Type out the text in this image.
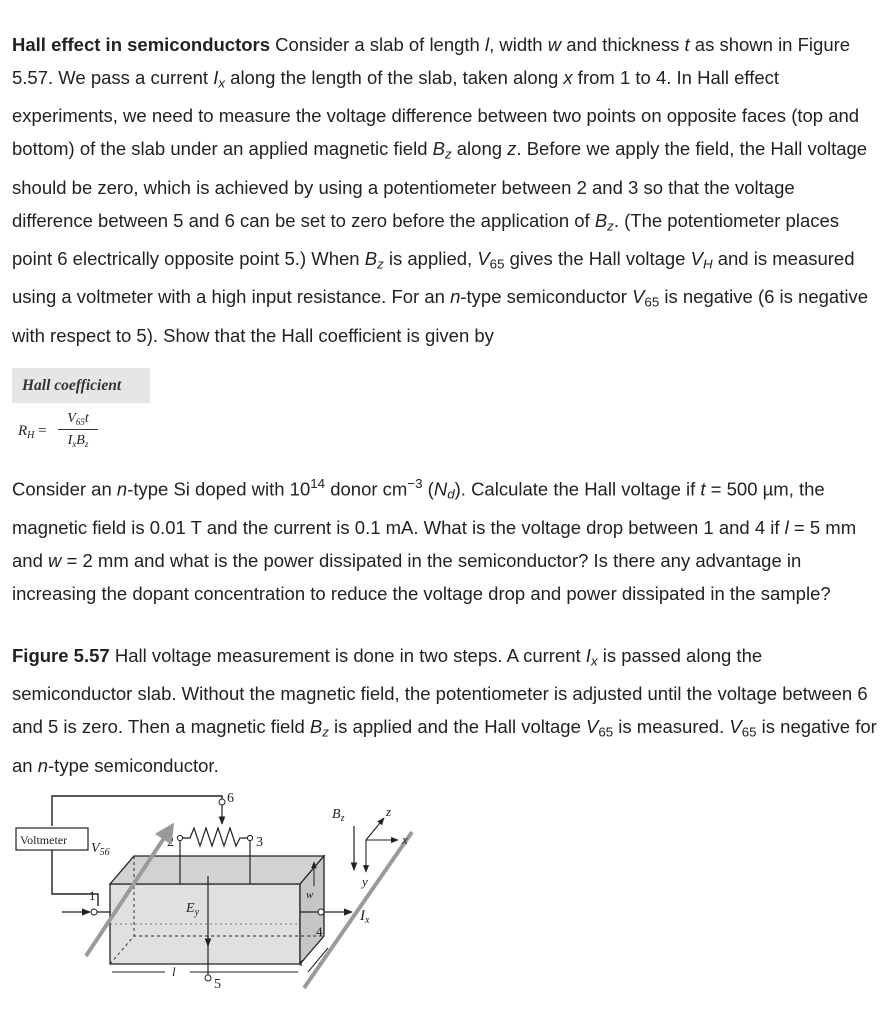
Hall effect in semiconductors Consider a slab of length l, width w and thickness t as shown in Figure 5.57. We pass a current $I_x$ along the length of the slab, taken along x from 1 to 4. In Hall effect experiments, we need to measure the voltage difference between two points on opposite faces (top and bottom) of the slab under an applied magnetic field $B_z$ along z. Before we apply the field, the Hall voltage should be zero, which is achieved by using a potentiometer between 2 and 3 so that the voltage difference between 5 and 6 can be set to zero before the application of $B_z$. (The potentiometer places point 6 electrically opposite point 5.) When $B_z$ is applied, $V_{65}$ gives the Hall voltage $V_H$ and is measured using a voltmeter with a high input resistance. For an n-type semiconductor $V_{65}$ is negative (6 is negative with respect to 5). Show that the Hall coefficient is given by

Hall coefficient
$R_H$ =
$V_{65}t$
$I_xB_z$

Consider an n-type Si doped with $10^{14}$ donor $cm^{-3}$ $(N_d)$. Calculate the Hall voltage if t = 500 µm, the magnetic field is 0.01 T and the current is 0.1 mA. What is the voltage drop between 1 and 4 if l = 5 mm and w = 2 mm and what is the power dissipated in the semiconductor? Is there any advantage in increasing the dopant concentration to reduce the voltage drop and power dissipated in the sample?

Figure 5.57 Hall voltage measurement is done in two steps. A current $I_x$ is passed along the semiconductor slab. Without the magnetic field, the potentiometer is adjusted until the voltage between 6 and 5 is zero. Then a magnetic field $B_z$ is applied and the Hall voltage $V_{65}$ is measured. $V_{65}$ is negative for an n-type semiconductor.

Voltmeter
$V_{56}$
6
2	3
5
$E_y$
1
4
$I_x$
w
t
l
$B_z$	z
x
y
